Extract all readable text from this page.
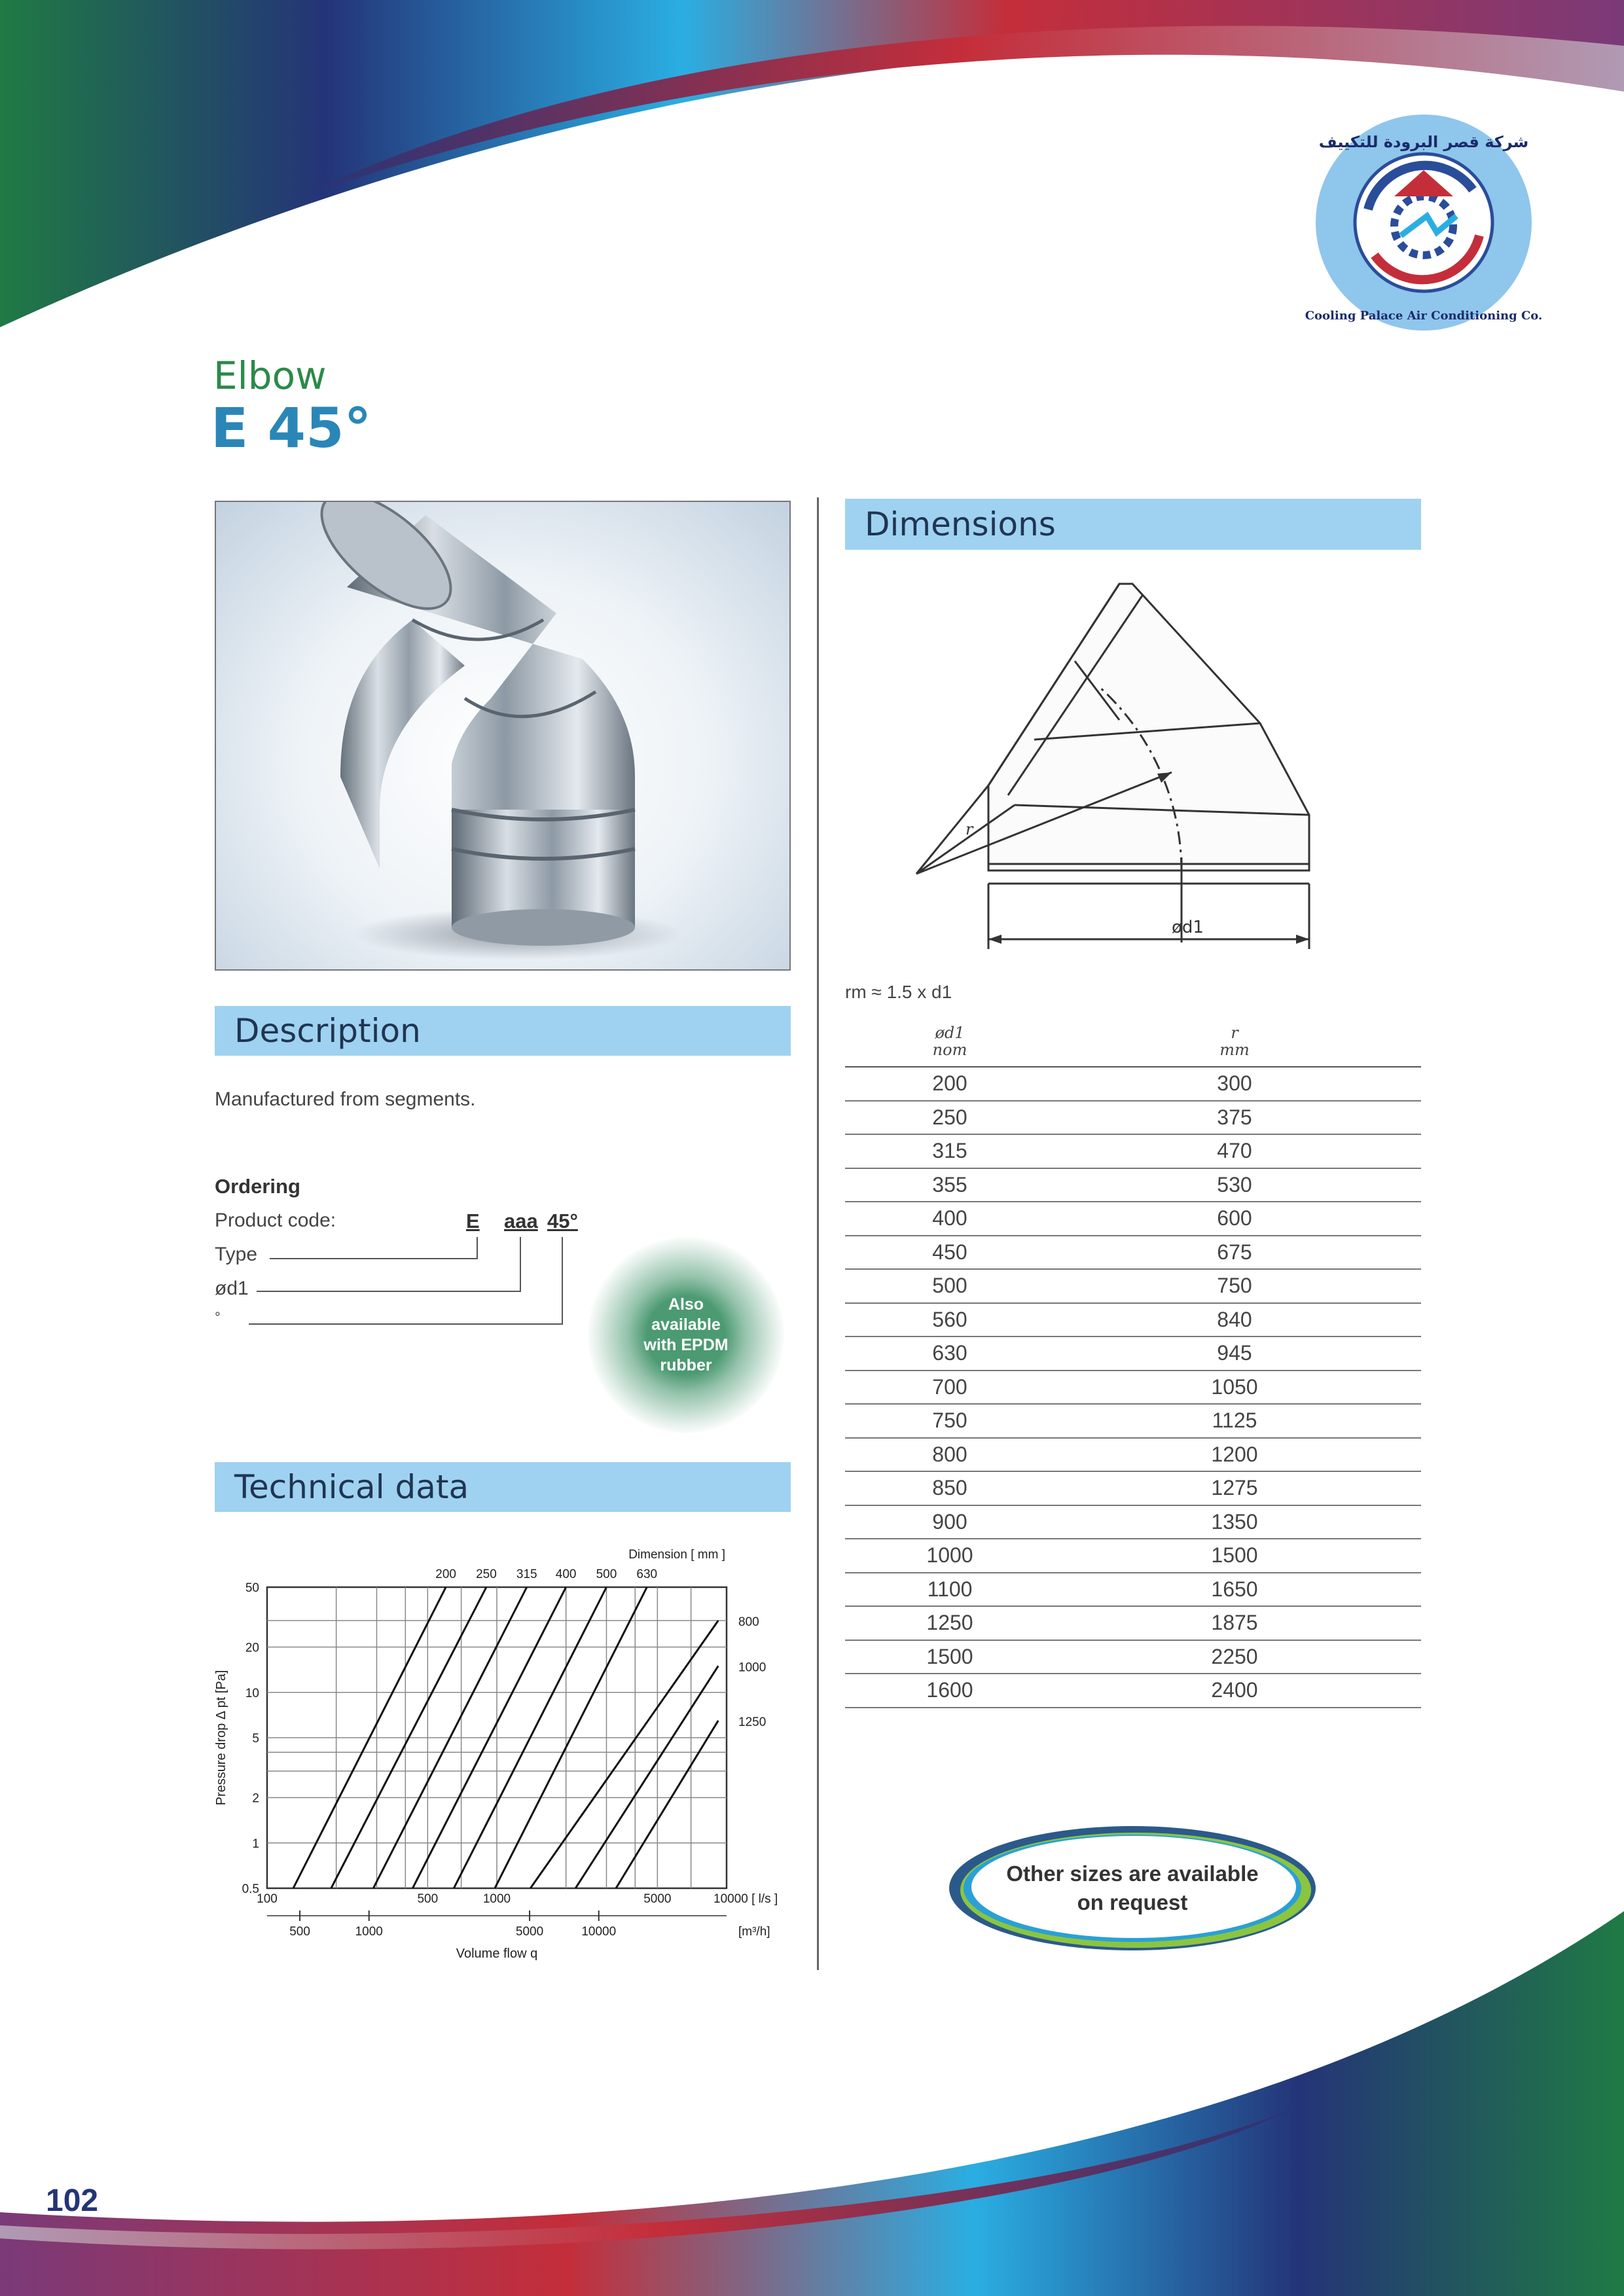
شركة قصر البرودة للتكييف
Cooling Palace Air Conditioning Co.
Elbow
E 45°
Dimensions
r
ød1
rm ≈ 1.5 x d1
ød1
nom	r
mm
200	300
250	375
315	470
355	530
400	600
450	675
500	750
560	840
630	945
700	1050
750	1125
800	1200
850	1275
900	1350
1000	1500
1100	1650
1250	1875
1500	2250
1600	2400
Description
Manufactured from segments.
Ordering
Product code:	E aaa 45°
Type
ød1
°
Also
available
with EPDM
rubber
Technical data
200 250 315 400 500 630
800
1000
1250
Dimension [ mm ]
50
20
10
5
2
1
0.5
100	500	1000	5000	10000 [ l/s ]
500	1000	5000	10000	[m³/h]
Volume flow q
Pressure drop Δ pt [Pa]
Other sizes are available
on request
102
